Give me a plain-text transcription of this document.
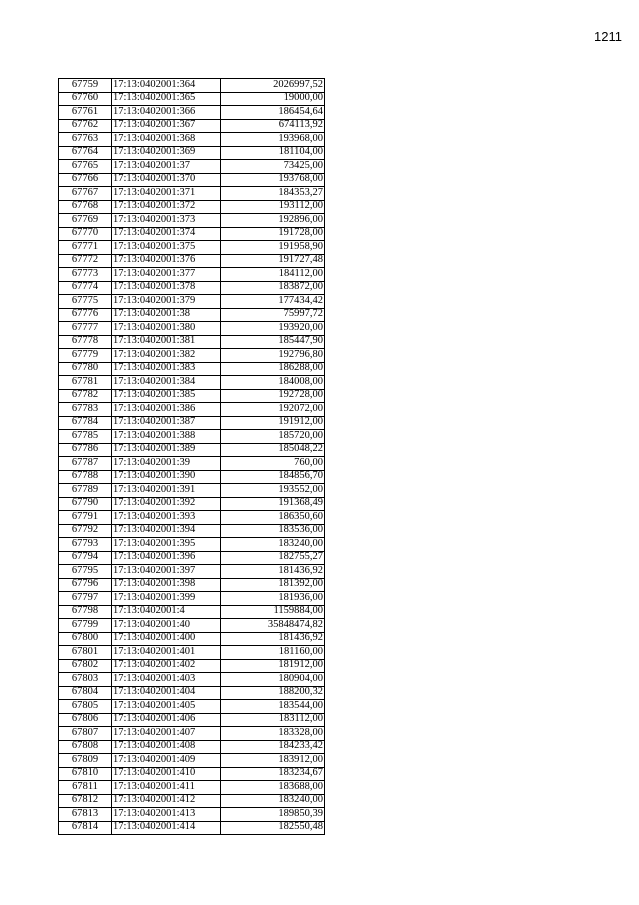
1211
67759	17:13:0402001:364	2026997,52
67760	17:13:0402001:365	19000,00
67761	17:13:0402001:366	186454,64
67762	17:13:0402001:367	674113,92
67763	17:13:0402001:368	193968,00
67764	17:13:0402001:369	181104,00
67765	17:13:0402001:37	73425,00
67766	17:13:0402001:370	193768,00
67767	17:13:0402001:371	184353,27
67768	17:13:0402001:372	193112,00
67769	17:13:0402001:373	192896,00
67770	17:13:0402001:374	191728,00
67771	17:13:0402001:375	191958,90
67772	17:13:0402001:376	191727,48
67773	17:13:0402001:377	184112,00
67774	17:13:0402001:378	183872,00
67775	17:13:0402001:379	177434,42
67776	17:13:0402001:38	75997,72
67777	17:13:0402001:380	193920,00
67778	17:13:0402001:381	185447,90
67779	17:13:0402001:382	192796,80
67780	17:13:0402001:383	186288,00
67781	17:13:0402001:384	184008,00
67782	17:13:0402001:385	192728,00
67783	17:13:0402001:386	192072,00
67784	17:13:0402001:387	191912,00
67785	17:13:0402001:388	185720,00
67786	17:13:0402001:389	185048,22
67787	17:13:0402001:39	760,00
67788	17:13:0402001:390	184856,70
67789	17:13:0402001:391	193552,00
67790	17:13:0402001:392	191368,49
67791	17:13:0402001:393	186350,60
67792	17:13:0402001:394	183536,00
67793	17:13:0402001:395	183240,00
67794	17:13:0402001:396	182755,27
67795	17:13:0402001:397	181436,92
67796	17:13:0402001:398	181392,00
67797	17:13:0402001:399	181936,00
67798	17:13:0402001:4	1159884,00
67799	17:13:0402001:40	35848474,82
67800	17:13:0402001:400	181436,92
67801	17:13:0402001:401	181160,00
67802	17:13:0402001:402	181912,00
67803	17:13:0402001:403	180904,00
67804	17:13:0402001:404	188200,32
67805	17:13:0402001:405	183544,00
67806	17:13:0402001:406	183112,00
67807	17:13:0402001:407	183328,00
67808	17:13:0402001:408	184233,42
67809	17:13:0402001:409	183912,00
67810	17:13:0402001:410	183234,67
67811	17:13:0402001:411	183688,00
67812	17:13:0402001:412	183240,00
67813	17:13:0402001:413	189850,39
67814	17:13:0402001:414	182550,48
